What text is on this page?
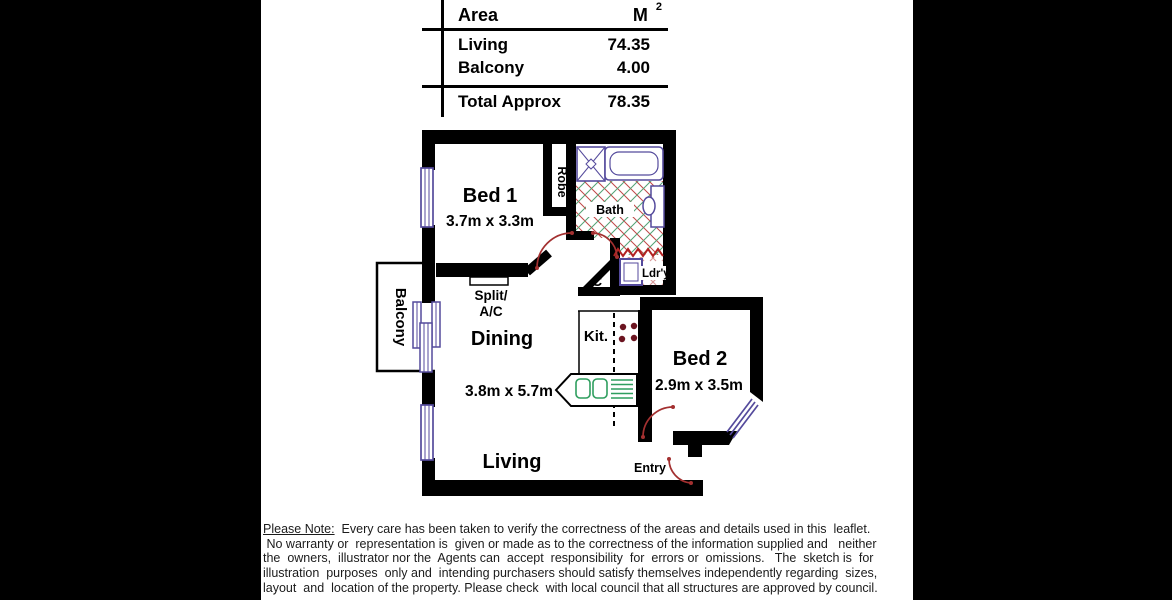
Area	M $^2$
Living	74.35
Balcony	4.00
Total Approx	78.35
Bed 1
3.7m x 3.3m
Robe
Bath
C	Ldr'y
Split/
A/C
Balcony	Dining	Kit.
3.8m x 5.7m
Bed 2
2.9m x 3.5m
Living	Entry
Please Note:  Every care has been taken to verify the correctness of the areas and details used in this  leaflet.
No warranty or  representation is  given or made as to the correctness of the information supplied and   neither
the  owners,  illustrator nor the  Agents can  accept  responsibility  for  errors or  omissions.   The  sketch is  for
illustration  purposes  only and  intending purchasers should satisfy themselves independently regarding  sizes,
layout  and  location of the property. Please check  with local council that all structures are approved by council.
